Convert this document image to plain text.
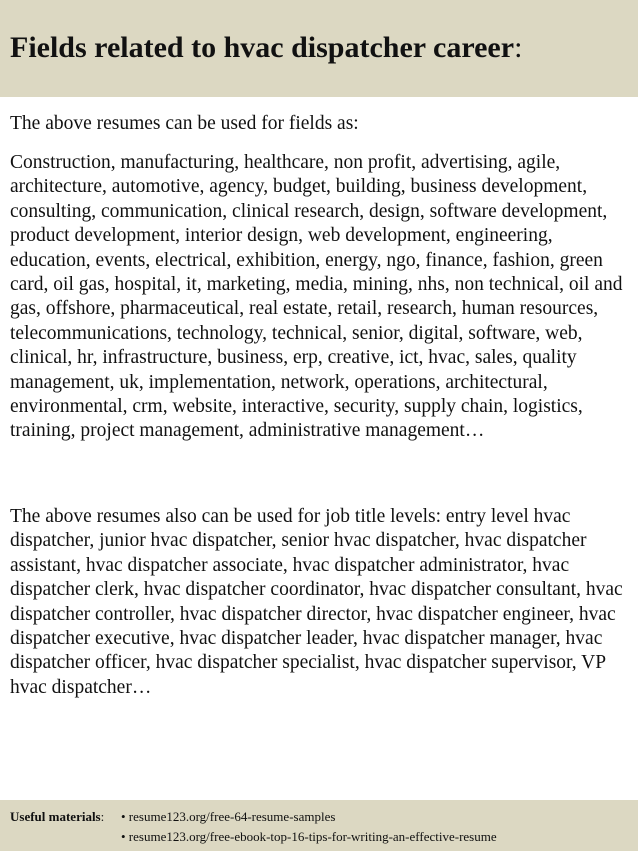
Fields related to hvac dispatcher career:

The above resumes can be used for fields as:

Construction, manufacturing, healthcare, non profit, advertising, agile, architecture, automotive, agency, budget, building, business development, consulting, communication, clinical research, design, software development, product development, interior design, web development, engineering, education, events, electrical, exhibition, energy, ngo, finance, fashion, green card, oil gas, hospital, it, marketing, media, mining, nhs, non technical, oil and gas, offshore, pharmaceutical, real estate, retail, research, human resources, telecommunications, technology, technical, senior, digital, software, web, clinical, hr, infrastructure, business, erp, creative, ict, hvac, sales, quality management, uk, implementation, network, operations, architectural, environmental, crm, website, interactive, security, supply chain, logistics, training, project management, administrative management…

The above resumes also can be used for job title levels: entry level hvac dispatcher, junior hvac dispatcher, senior hvac dispatcher, hvac dispatcher assistant, hvac dispatcher associate, hvac dispatcher administrator, hvac dispatcher clerk, hvac dispatcher coordinator, hvac dispatcher consultant, hvac dispatcher controller, hvac dispatcher director, hvac dispatcher engineer, hvac dispatcher executive, hvac dispatcher leader, hvac dispatcher manager, hvac dispatcher officer, hvac dispatcher specialist, hvac dispatcher supervisor, VP hvac dispatcher…

Useful materials: • resume123.org/free-64-resume-samples
• resume123.org/free-ebook-top-16-tips-for-writing-an-effective-resume
